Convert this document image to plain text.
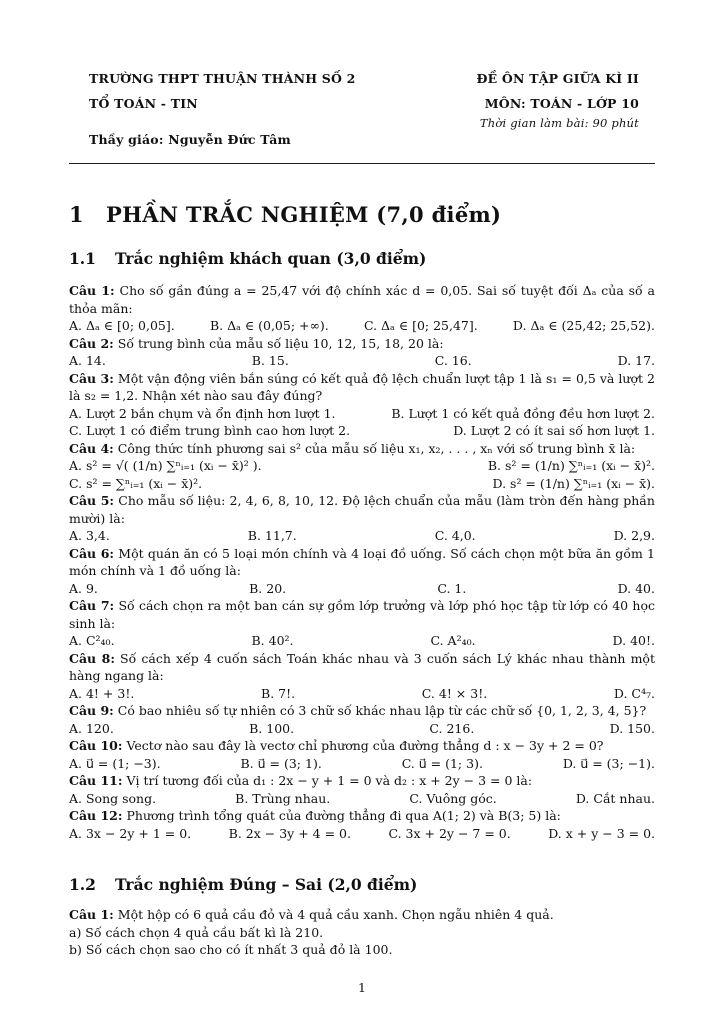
TRƯỜNG THPT THUẬN THÀNH SỐ 2	ĐỀ ÔN TẬP GIỮA KÌ II
TỔ TOÁN - TIN	MÔN: TOÁN - LỚP 10
Thời gian làm bài: 90 phút
Thầy giáo: Nguyễn Đức Tâm
1 PHẦN TRẮC NGHIỆM (7,0 điểm)
1.1 Trắc nghiệm khách quan (3,0 điểm)

Câu 1: Cho số gần đúng a = 25,47 với độ chính xác d = 0,05. Sai số tuyệt đối Δₐ của số a thỏa mãn:

A. Δₐ ∈ [0; 0,05].	B. Δₐ ∈ (0,05; +∞).	C. Δₐ ∈ [0; 25,47].	D. Δₐ ∈ (25,42; 25,52).

Câu 2: Số trung bình của mẫu số liệu 10, 12, 15, 18, 20 là:

A. 14.	B. 15.	C. 16.	D. 17.

Câu 3: Một vận động viên bắn súng có kết quả độ lệch chuẩn lượt tập 1 là s₁ = 0,5 và lượt 2 là s₂ = 1,2. Nhận xét nào sau đây đúng?

A. Lượt 2 bắn chụm và ổn định hơn lượt 1.	B. Lượt 1 có kết quả đồng đều hơn lượt 2.
C. Lượt 1 có điểm trung bình cao hơn lượt 2.	D. Lượt 2 có ít sai số hơn lượt 1.

Câu 4: Công thức tính phương sai s² của mẫu số liệu x₁, x₂, . . . , xₙ với số trung bình x̄ là:

A. s² = √( (1/n) ∑ⁿᵢ₌₁ (xᵢ − x̄)² ).	B. s² = (1/n) ∑ⁿᵢ₌₁ (xᵢ − x̄)².
C. s² = ∑ⁿᵢ₌₁ (xᵢ − x̄)².	D. s² = (1/n) ∑ⁿᵢ₌₁ (xᵢ − x̄).

Câu 5: Cho mẫu số liệu: 2, 4, 6, 8, 10, 12. Độ lệch chuẩn của mẫu (làm tròn đến hàng phần mười) là:

A. 3,4.	B. 11,7.	C. 4,0.	D. 2,9.

Câu 6: Một quán ăn có 5 loại món chính và 4 loại đồ uống. Số cách chọn một bữa ăn gồm 1 món chính và 1 đồ uống là:

A. 9.	B. 20.	C. 1.	D. 40.

Câu 7: Số cách chọn ra một ban cán sự gồm lớp trưởng và lớp phó học tập từ lớp có 40 học sinh là:

A. C²₄₀.	B. 40².	C. A²₄₀.	D. 40!.

Câu 8: Số cách xếp 4 cuốn sách Toán khác nhau và 3 cuốn sách Lý khác nhau thành một hàng ngang là:

A. 4! + 3!.	B. 7!.	C. 4! × 3!.	D. C⁴₇.

Câu 9: Có bao nhiêu số tự nhiên có 3 chữ số khác nhau lập từ các chữ số {0, 1, 2, 3, 4, 5}?

A. 120.	B. 100.	C. 216.	D. 150.

Câu 10: Vectơ nào sau đây là vectơ chỉ phương của đường thẳng d : x − 3y + 2 = 0?

A. u⃗ = (1; −3).	B. u⃗ = (3; 1).	C. u⃗ = (1; 3).	D. u⃗ = (3; −1).

Câu 11: Vị trí tương đối của d₁ : 2x − y + 1 = 0 và d₂ : x + 2y − 3 = 0 là:

A. Song song.	B. Trùng nhau.	C. Vuông góc.	D. Cắt nhau.

Câu 12: Phương trình tổng quát của đường thẳng đi qua A(1; 2) và B(3; 5) là:

A. 3x − 2y + 1 = 0.	B. 2x − 3y + 4 = 0.	C. 3x + 2y − 7 = 0.	D. x + y − 3 = 0.
1.2 Trắc nghiệm Đúng – Sai (2,0 điểm)

Câu 1: Một hộp có 6 quả cầu đỏ và 4 quả cầu xanh. Chọn ngẫu nhiên 4 quả.

a) Số cách chọn 4 quả cầu bất kì là 210.

b) Số cách chọn sao cho có ít nhất 3 quả đỏ là 100.

1
